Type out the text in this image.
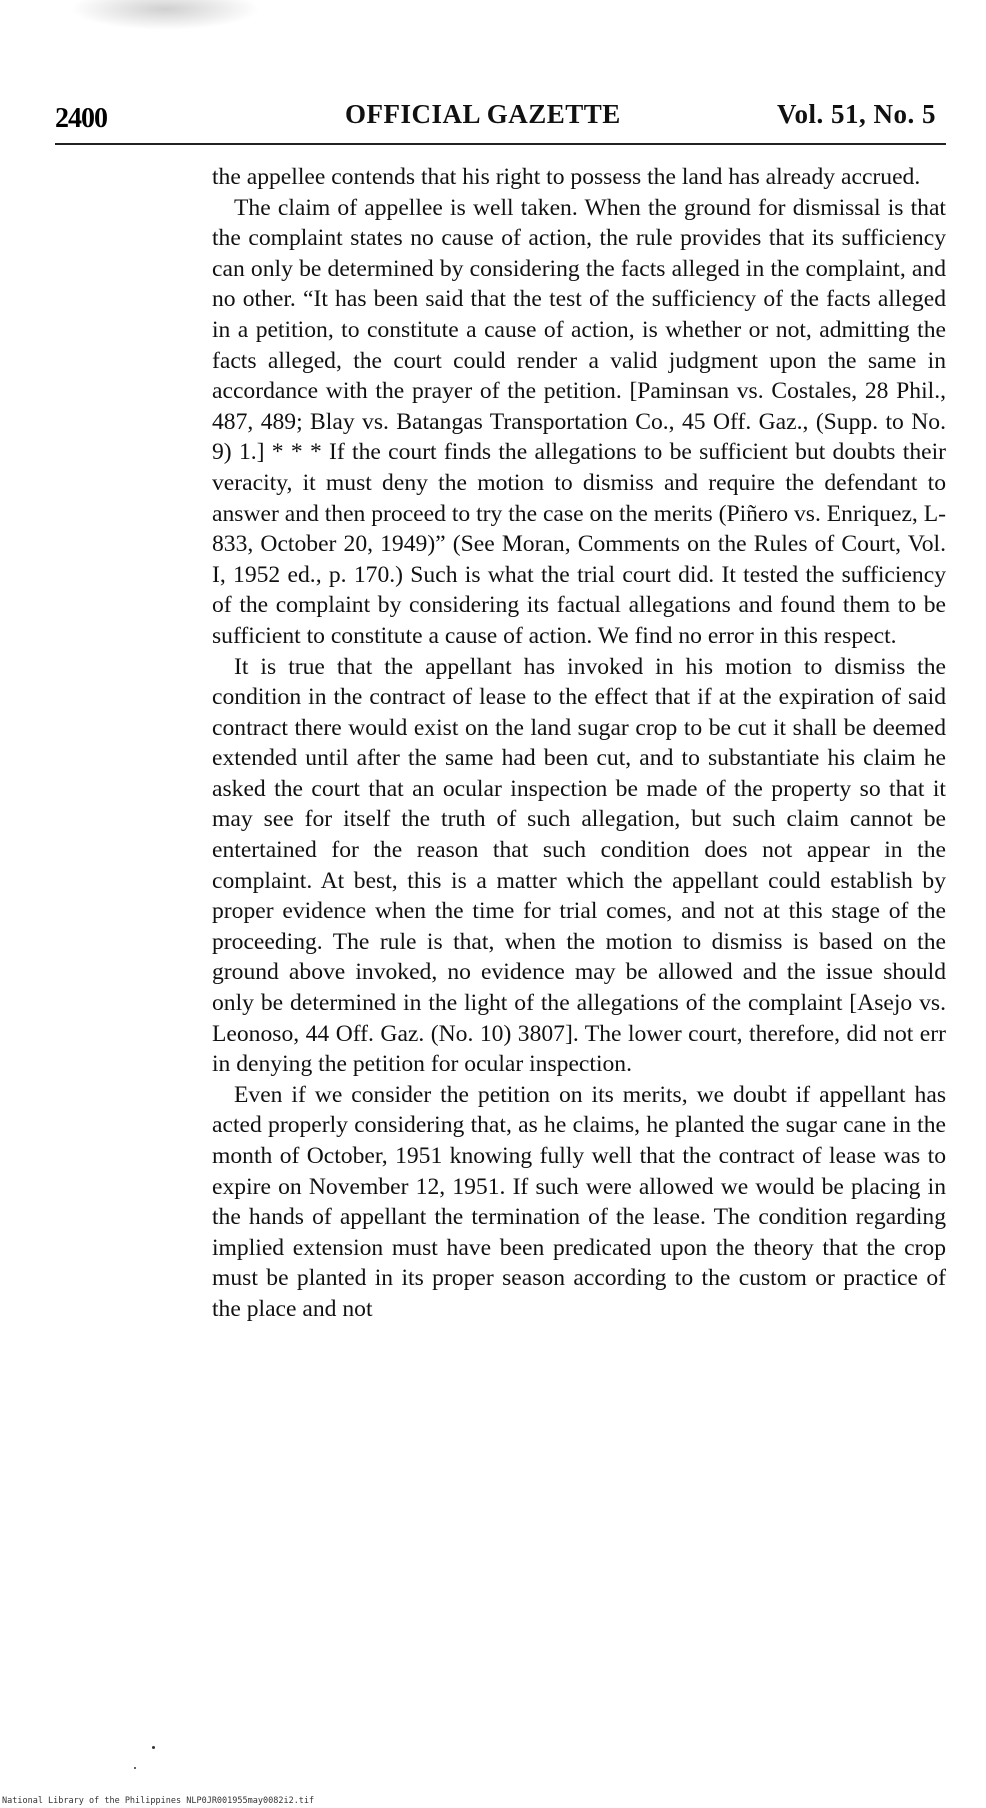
2400	OFFICIAL GAZETTE	Vol. 51, No. 5

the appellee contends that his right to possess the land has already accrued.

The claim of appellee is well taken. When the ground for dismissal is that the complaint states no cause of action, the rule provides that its sufficiency can only be determined by considering the facts alleged in the complaint, and no other. “It has been said that the test of the sufficiency of the facts alleged in a petition, to constitute a cause of action, is whether or not, admitting the facts alleged, the court could render a valid judgment upon the same in accordance with the prayer of the petition. [Paminsan vs. Costales, 28 Phil., 487, 489; Blay vs. Batangas Transportation Co., 45 Off. Gaz., (Supp. to No. 9) 1.] * * * If the court finds the allegations to be sufficient but doubts their veracity, it must deny the motion to dismiss and require the defendant to answer and then proceed to try the case on the merits (Piñero vs. Enriquez, L-833, October 20, 1949)” (See Moran, Comments on the Rules of Court, Vol. I, 1952 ed., p. 170.) Such is what the trial court did. It tested the sufficiency of the complaint by considering its factual allegations and found them to be sufficient to constitute a cause of action. We find no error in this respect.

It is true that the appellant has invoked in his motion to dismiss the condition in the contract of lease to the effect that if at the expiration of said contract there would exist on the land sugar crop to be cut it shall be deemed extended until after the same had been cut, and to substantiate his claim he asked the court that an ocular inspection be made of the property so that it may see for itself the truth of such allegation, but such claim cannot be entertained for the reason that such condition does not appear in the complaint. At best, this is a matter which the appellant could establish by proper evidence when the time for trial comes, and not at this stage of the proceeding. The rule is that, when the motion to dismiss is based on the ground above invoked, no evidence may be allowed and the issue should only be determined in the light of the allegations of the complaint [Asejo vs. Leonoso, 44 Off. Gaz. (No. 10) 3807]. The lower court, therefore, did not err in denying the petition for ocular inspection.

Even if we consider the petition on its merits, we doubt if appellant has acted properly considering that, as he claims, he planted the sugar cane in the month of October, 1951 knowing fully well that the contract of lease was to expire on November 12, 1951. If such were allowed we would be placing in the hands of appellant the termination of the lease. The condition regarding implied extension must have been predicated upon the theory that the crop must be planted in its proper season according to the custom or practice of the place and not

National Library of the Philippines NLP0JR001955may0082i2.tif
